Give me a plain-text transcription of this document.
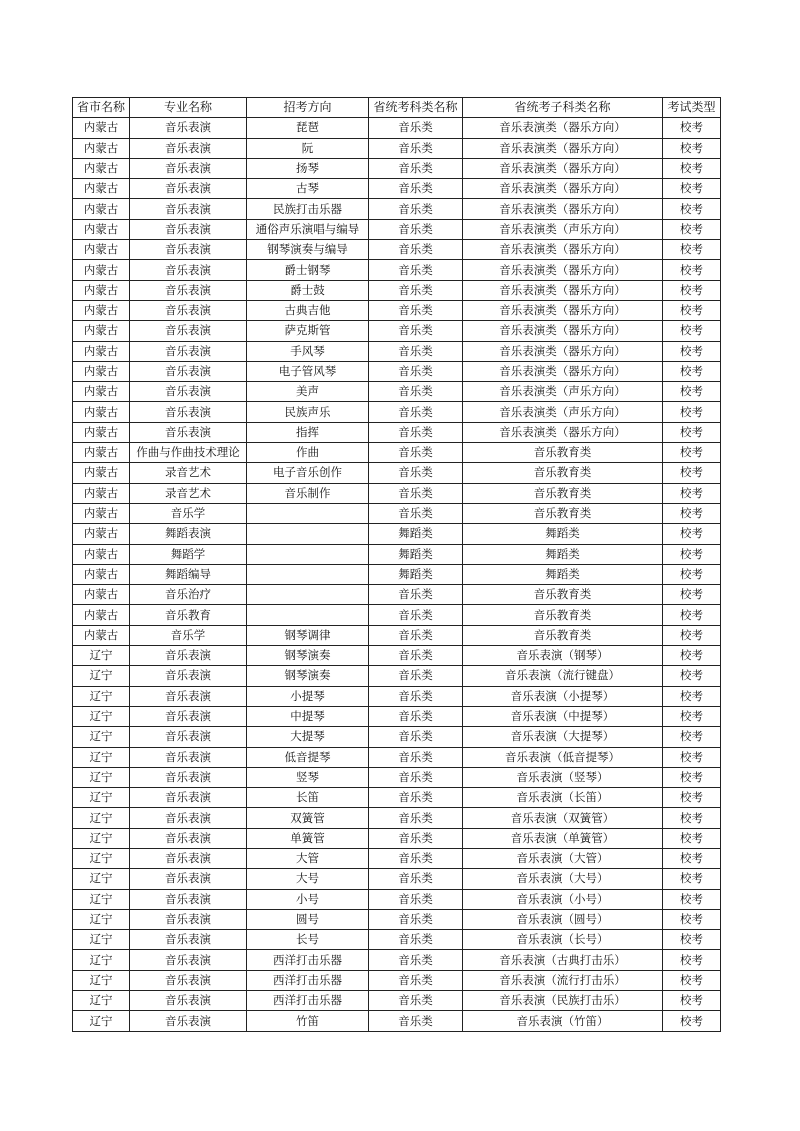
省市名称	专业名称	招考方向	省统考科类名称	省统考子科类名称	考试类型
内蒙古	音乐表演	琵琶	音乐类	音乐表演类（器乐方向）	校考
内蒙古	音乐表演	阮	音乐类	音乐表演类（器乐方向）	校考
内蒙古	音乐表演	扬琴	音乐类	音乐表演类（器乐方向）	校考
内蒙古	音乐表演	古琴	音乐类	音乐表演类（器乐方向）	校考
内蒙古	音乐表演	民族打击乐器	音乐类	音乐表演类（器乐方向）	校考
内蒙古	音乐表演	通俗声乐演唱与编导	音乐类	音乐表演类（声乐方向）	校考
内蒙古	音乐表演	钢琴演奏与编导	音乐类	音乐表演类（器乐方向）	校考
内蒙古	音乐表演	爵士钢琴	音乐类	音乐表演类（器乐方向）	校考
内蒙古	音乐表演	爵士鼓	音乐类	音乐表演类（器乐方向）	校考
内蒙古	音乐表演	古典吉他	音乐类	音乐表演类（器乐方向）	校考
内蒙古	音乐表演	萨克斯管	音乐类	音乐表演类（器乐方向）	校考
内蒙古	音乐表演	手风琴	音乐类	音乐表演类（器乐方向）	校考
内蒙古	音乐表演	电子管风琴	音乐类	音乐表演类（器乐方向）	校考
内蒙古	音乐表演	美声	音乐类	音乐表演类（声乐方向）	校考
内蒙古	音乐表演	民族声乐	音乐类	音乐表演类（声乐方向）	校考
内蒙古	音乐表演	指挥	音乐类	音乐表演类（器乐方向）	校考
内蒙古	作曲与作曲技术理论	作曲	音乐类	音乐教育类	校考
内蒙古	录音艺术	电子音乐创作	音乐类	音乐教育类	校考
内蒙古	录音艺术	音乐制作	音乐类	音乐教育类	校考
内蒙古	音乐学		音乐类	音乐教育类	校考
内蒙古	舞蹈表演		舞蹈类	舞蹈类	校考
内蒙古	舞蹈学		舞蹈类	舞蹈类	校考
内蒙古	舞蹈编导		舞蹈类	舞蹈类	校考
内蒙古	音乐治疗		音乐类	音乐教育类	校考
内蒙古	音乐教育		音乐类	音乐教育类	校考
内蒙古	音乐学	钢琴调律	音乐类	音乐教育类	校考
辽宁	音乐表演	钢琴演奏	音乐类	音乐表演（钢琴）	校考
辽宁	音乐表演	钢琴演奏	音乐类	音乐表演（流行键盘）	校考
辽宁	音乐表演	小提琴	音乐类	音乐表演（小提琴）	校考
辽宁	音乐表演	中提琴	音乐类	音乐表演（中提琴）	校考
辽宁	音乐表演	大提琴	音乐类	音乐表演（大提琴）	校考
辽宁	音乐表演	低音提琴	音乐类	音乐表演（低音提琴）	校考
辽宁	音乐表演	竖琴	音乐类	音乐表演（竖琴）	校考
辽宁	音乐表演	长笛	音乐类	音乐表演（长笛）	校考
辽宁	音乐表演	双簧管	音乐类	音乐表演（双簧管）	校考
辽宁	音乐表演	单簧管	音乐类	音乐表演（单簧管）	校考
辽宁	音乐表演	大管	音乐类	音乐表演（大管）	校考
辽宁	音乐表演	大号	音乐类	音乐表演（大号）	校考
辽宁	音乐表演	小号	音乐类	音乐表演（小号）	校考
辽宁	音乐表演	圆号	音乐类	音乐表演（圆号）	校考
辽宁	音乐表演	长号	音乐类	音乐表演（长号）	校考
辽宁	音乐表演	西洋打击乐器	音乐类	音乐表演（古典打击乐）	校考
辽宁	音乐表演	西洋打击乐器	音乐类	音乐表演（流行打击乐）	校考
辽宁	音乐表演	西洋打击乐器	音乐类	音乐表演（民族打击乐）	校考
辽宁	音乐表演	竹笛	音乐类	音乐表演（竹笛）	校考
